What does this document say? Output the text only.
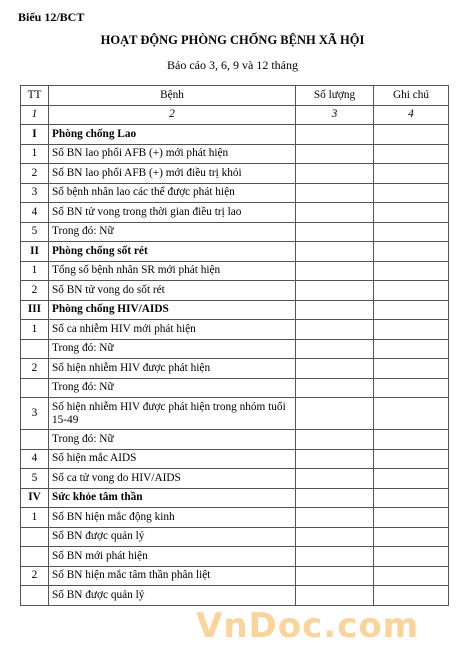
Biểu 12/BCT
HOẠT ĐỘNG PHÒNG CHỐNG BỆNH XÃ HỘI
Báo cáo 3, 6, 9 và 12 tháng
TT	Bệnh	Số lượng	Ghi chú
1	2	3	4
I	Phòng chống Lao		
1	Số BN lao phổi AFB (+) mới phát hiện		
2	Số BN lao phổi AFB (+) mới điều trị khỏi		
3	Số bệnh nhân lao các thể được phát hiện		
4	Số BN tử vong trong thời gian điều trị lao		
5	Trong đó: Nữ		
II	Phòng chống sốt rét		
1	Tổng số bệnh nhân SR mới phát hiện		
2	Số BN tử vong do sốt rét		
III	Phòng chống HIV/AIDS		
1	Số ca nhiễm HIV mới phát hiện		
	Trong đó: Nữ		
2	Số hiện nhiễm HIV được phát hiện		
	Trong đó: Nữ		
3	Số hiện nhiễm HIV được phát hiện trong nhóm tuổi 15-49		
	Trong đó: Nữ		
4	Số hiện mắc AIDS		
5	Số ca tử vong do HIV/AIDS		
IV	Sức khỏe tâm thần		
1	Số BN hiện mắc động kinh		
	Số BN được quản lý		
	Số BN mới phát hiện		
2	Số BN hiện mắc tâm thần phân liệt		
	Số BN được quản lý		
VnDoc.com
